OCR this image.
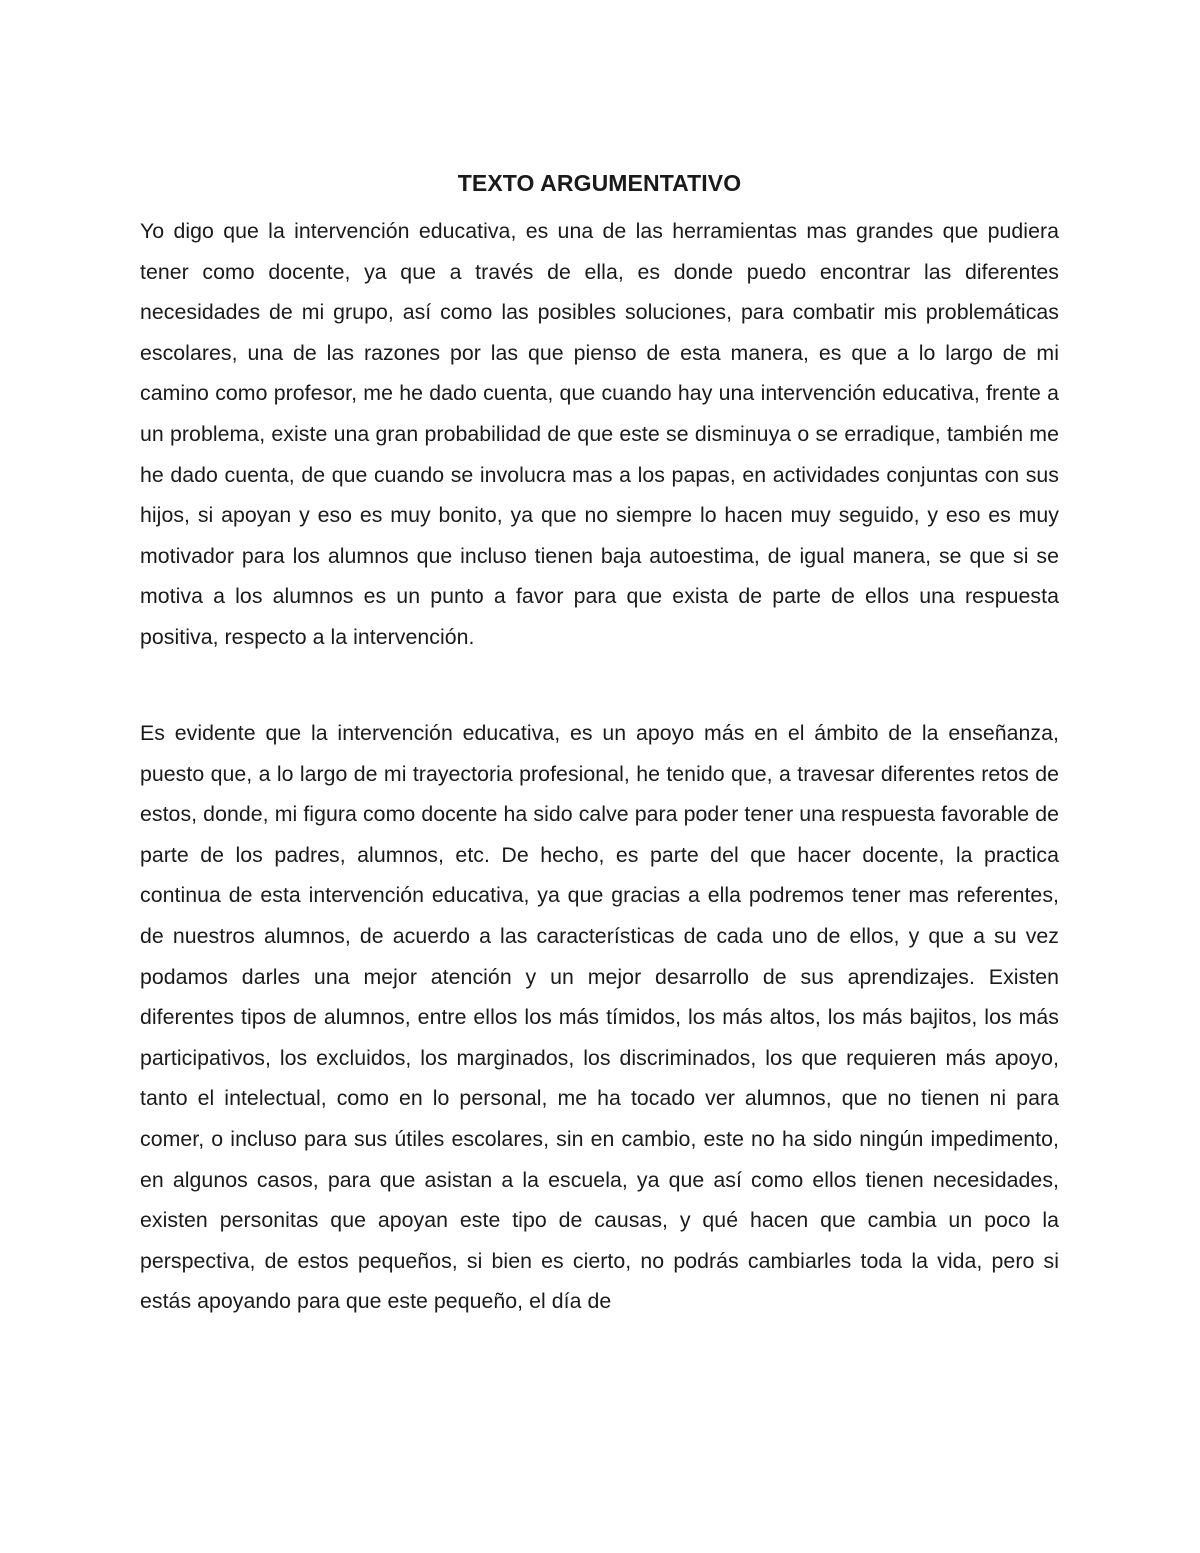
TEXTO ARGUMENTATIVO

Yo digo que la intervención educativa, es una de las herramientas mas grandes que pudiera tener como docente, ya que a través de ella, es donde puedo encontrar las diferentes necesidades de mi grupo, así como las posibles soluciones, para combatir mis problemáticas escolares, una de las razones por las que pienso de esta manera, es que a lo largo de mi camino como profesor, me he dado cuenta, que cuando hay una intervención educativa, frente a un problema, existe una gran probabilidad de que este se disminuya o se erradique, también me he dado cuenta, de que cuando se involucra mas a los papas, en actividades conjuntas con sus hijos, si apoyan y eso es muy bonito, ya que no siempre lo hacen muy seguido, y eso es muy motivador para los alumnos que incluso tienen baja autoestima, de igual manera, se que si se motiva a los alumnos es un punto a favor para que exista de parte de ellos una respuesta positiva, respecto a la intervención.

Es evidente que la intervención educativa, es un apoyo más en el ámbito de la enseñanza, puesto que, a lo largo de mi trayectoria profesional, he tenido que, a travesar diferentes retos de estos, donde, mi figura como docente ha sido calve para poder tener una respuesta favorable de parte de los padres, alumnos, etc. De hecho, es parte del que hacer docente, la practica continua de esta intervención educativa, ya que gracias a ella podremos tener mas referentes, de nuestros alumnos, de acuerdo a las características de cada uno de ellos, y que a su vez podamos darles una mejor atención y un mejor desarrollo de sus aprendizajes. Existen diferentes tipos de alumnos, entre ellos los más tímidos, los más altos, los más bajitos, los más participativos, los excluidos, los marginados, los discriminados, los que requieren más apoyo, tanto el intelectual, como en lo personal, me ha tocado ver alumnos, que no tienen ni para comer, o incluso para sus útiles escolares, sin en cambio, este no ha sido ningún impedimento, en algunos casos, para que asistan a la escuela, ya que así como ellos tienen necesidades, existen personitas que apoyan este tipo de causas, y qué hacen que cambia un poco la perspectiva, de estos pequeños, si bien es cierto, no podrás cambiarles toda la vida, pero si estás apoyando para que este pequeño, el día de
